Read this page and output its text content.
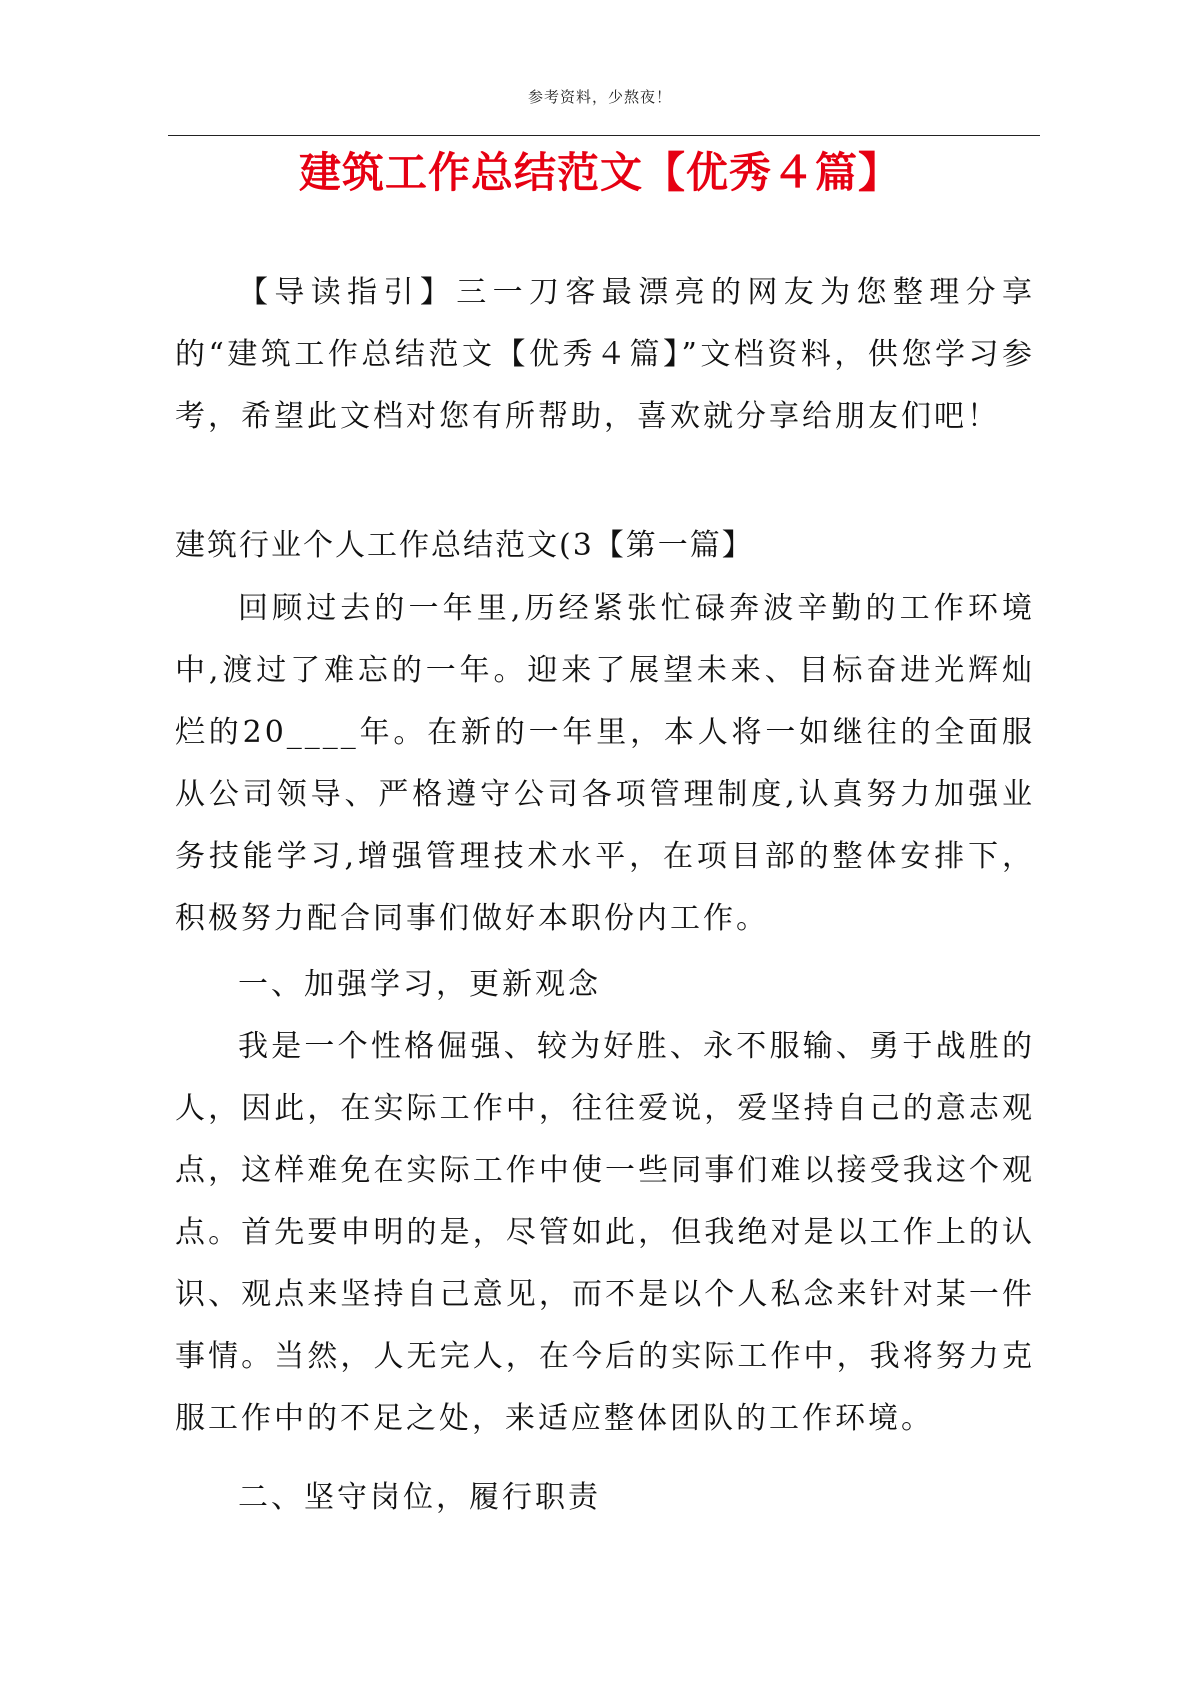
参考资料，少熬夜！
建筑工作总结范文【优秀４篇】
【导读指引】三一刀客最漂亮的网友为您整理分享的“建筑工作总结范文【优秀４篇】”文档资料，供您学习参考，希望此文档对您有所帮助，喜欢就分享给朋友们吧！
建筑行业个人工作总结范文(3【第一篇】
回顾过去的一年里,历经紧张忙碌奔波辛勤的工作环境中,渡过了难忘的一年。迎来了展望未来、目标奋进光辉灿烂的20____年。在新的一年里，本人将一如继往的全面服从公司领导、严格遵守公司各项管理制度,认真努力加强业务技能学习,增强管理技术水平，在项目部的整体安排下，积极努力配合同事们做好本职份内工作。
一、加强学习，更新观念
我是一个性格倔强、较为好胜、永不服输、勇于战胜的人，因此，在实际工作中，往往爱说，爱坚持自己的意志观点，这样难免在实际工作中使一些同事们难以接受我这个观点。首先要申明的是，尽管如此，但我绝对是以工作上的认识、观点来坚持自己意见，而不是以个人私念来针对某一件事情。当然，人无完人，在今后的实际工作中，我将努力克服工作中的不足之处，来适应整体团队的工作环境。
二、坚守岗位，履行职责
